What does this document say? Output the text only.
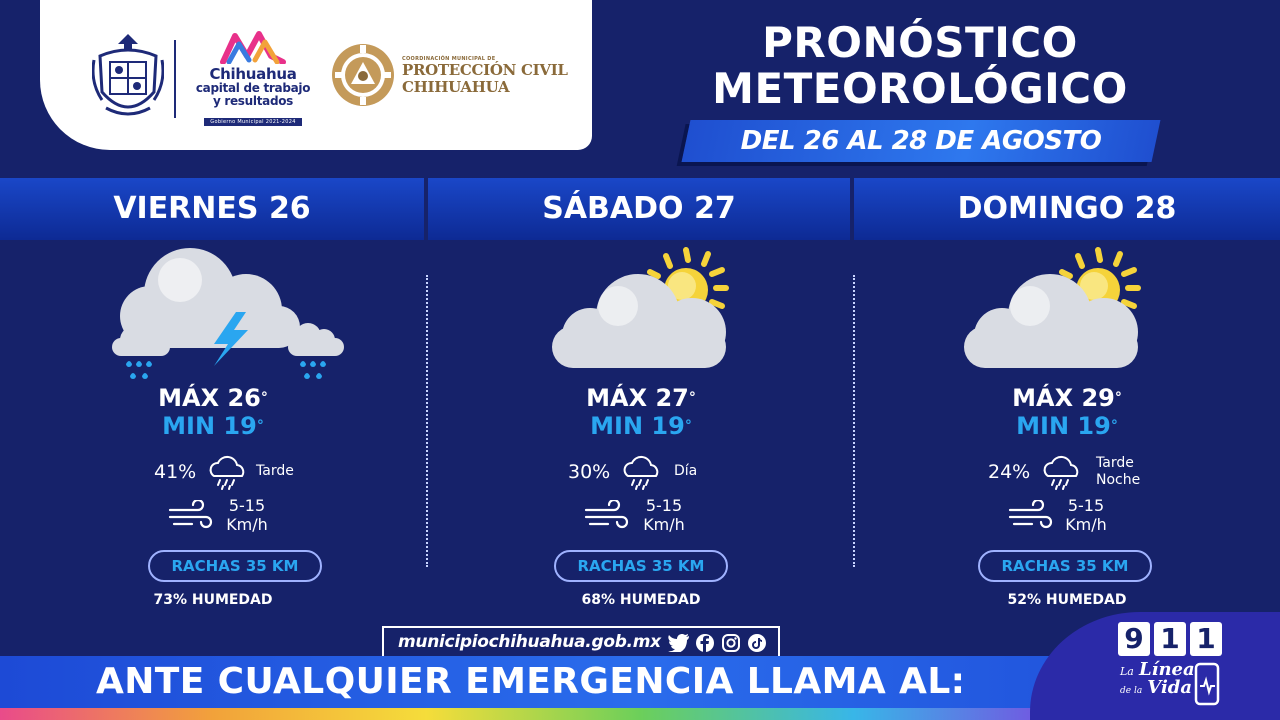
Chihuahua
capital de trabajo
y resultados
Gobierno Municipal 2021-2024
COORDINACIÓN MUNICIPAL DE
PROTECCIÓN CIVIL
CHIHUAHUA
PRONÓSTICO
METEOROLÓGICO
DEL 26 AL 28 DE AGOSTO
VIERNES 26	SÁBADO 27	DOMINGO 28
MÁX 26°
MIN 19°
41%	Tarde
5-15
Km/h
RACHAS 35 KM
73% HUMEDAD
MÁX 27°
MIN 19°
30%	Día
5-15
Km/h
RACHAS 35 KM
68% HUMEDAD
MÁX 29°
MIN 19°
24%	Tarde
Noche
5-15
Km/h
RACHAS 35 KM
52% HUMEDAD
municipiochihuahua.gob.mx
ANTE CUALQUIER EMERGENCIA LLAMA AL:
9 1 1
La Línea
de la Vida
